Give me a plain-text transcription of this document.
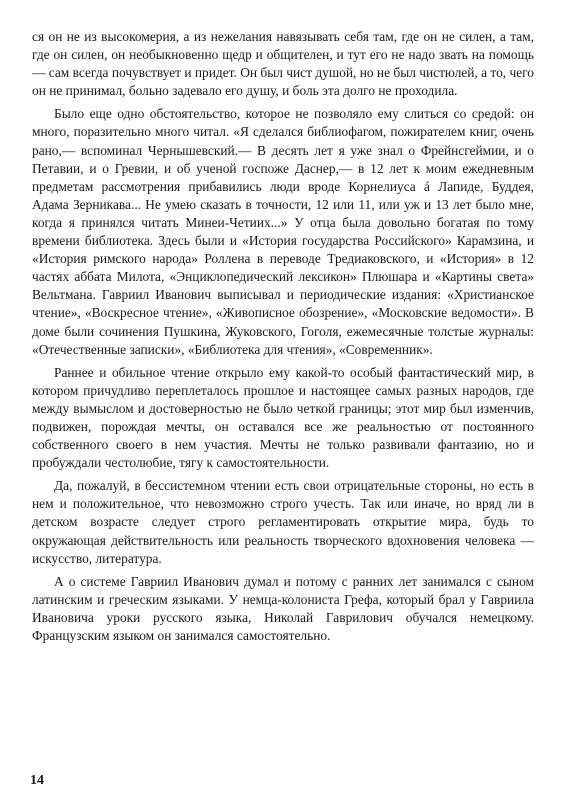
ся он не из высокомерия, а из нежелания навязывать себя там, где он не силен, а там, где он силен, он необыкновенно щедр и общителен, и тут его не надо звать на помощь — сам всегда почувствует и придет. Он был чист душой, но не был чистюлей, а то, чего он не принимал, больно задевало его душу, и боль эта долго не проходила.

Было еще одно обстоятельство, которое не позволяло ему слиться со средой: он много, поразительно много читал. «Я сделался библиофагом, пожирателем книг, очень рано,— вспоминал Чернышевский.— В десять лет я уже знал о Фрейнсгеймии, и о Петавии, и о Гревии, и об ученой госпоже Даснер,— в 12 лет к моим ежедневным предметам рассмотрения прибавились люди вроде Корнелиуса á Лапиде, Буддея, Адама Зерникава... Не умею сказать в точности, 12 или 11, или уж и 13 лет было мне, когда я принялся читать Минеи-Четиих...» У отца была довольно богатая по тому времени библиотека. Здесь были и «История государства Российского» Карамзина, и «История римского народа» Роллена в переводе Тредиаковского, и «История» в 12 частях аббата Милота, «Энциклопедический лексикон» Плюшара и «Картины света» Вельтмана. Гавриил Иванович выписывал и периодические издания: «Христианское чтение», «Воскресное чтение», «Живописное обозрение», «Московские ведомости». В доме были сочинения Пушкина, Жуковского, Гоголя, ежемесячные толстые журналы: «Отечественные записки», «Библиотека для чтения», «Современник».

Раннее и обильное чтение открыло ему какой-то особый фантастический мир, в котором причудливо переплеталось прошлое и настоящее самых разных народов, где между вымыслом и достоверностью не было четкой границы; этот мир был изменчив, подвижен, порождая мечты, он оставался все же реальностью от постоянного собственного своего в нем участия. Мечты не только развивали фантазию, но и пробуждали честолюбие, тягу к самостоятельности.

Да, пожалуй, в бессистемном чтении есть свои отрицательные стороны, но есть в нем и положительное, что невозможно строго учесть. Так или иначе, но вряд ли в детском возрасте следует строго регламентировать открытие мира, будь то окружающая действительность или реальность творческого вдохновения человека — искусство, литература.

А о системе Гавриил Иванович думал и потому с ранних лет занимался с сыном латинским и греческим языками. У немца-колониста Грефа, который брал у Гавриила Ивановича уроки русского языка, Николай Гаврилович обучался немецкому. Французским языком он занимался самостоятельно.

14
